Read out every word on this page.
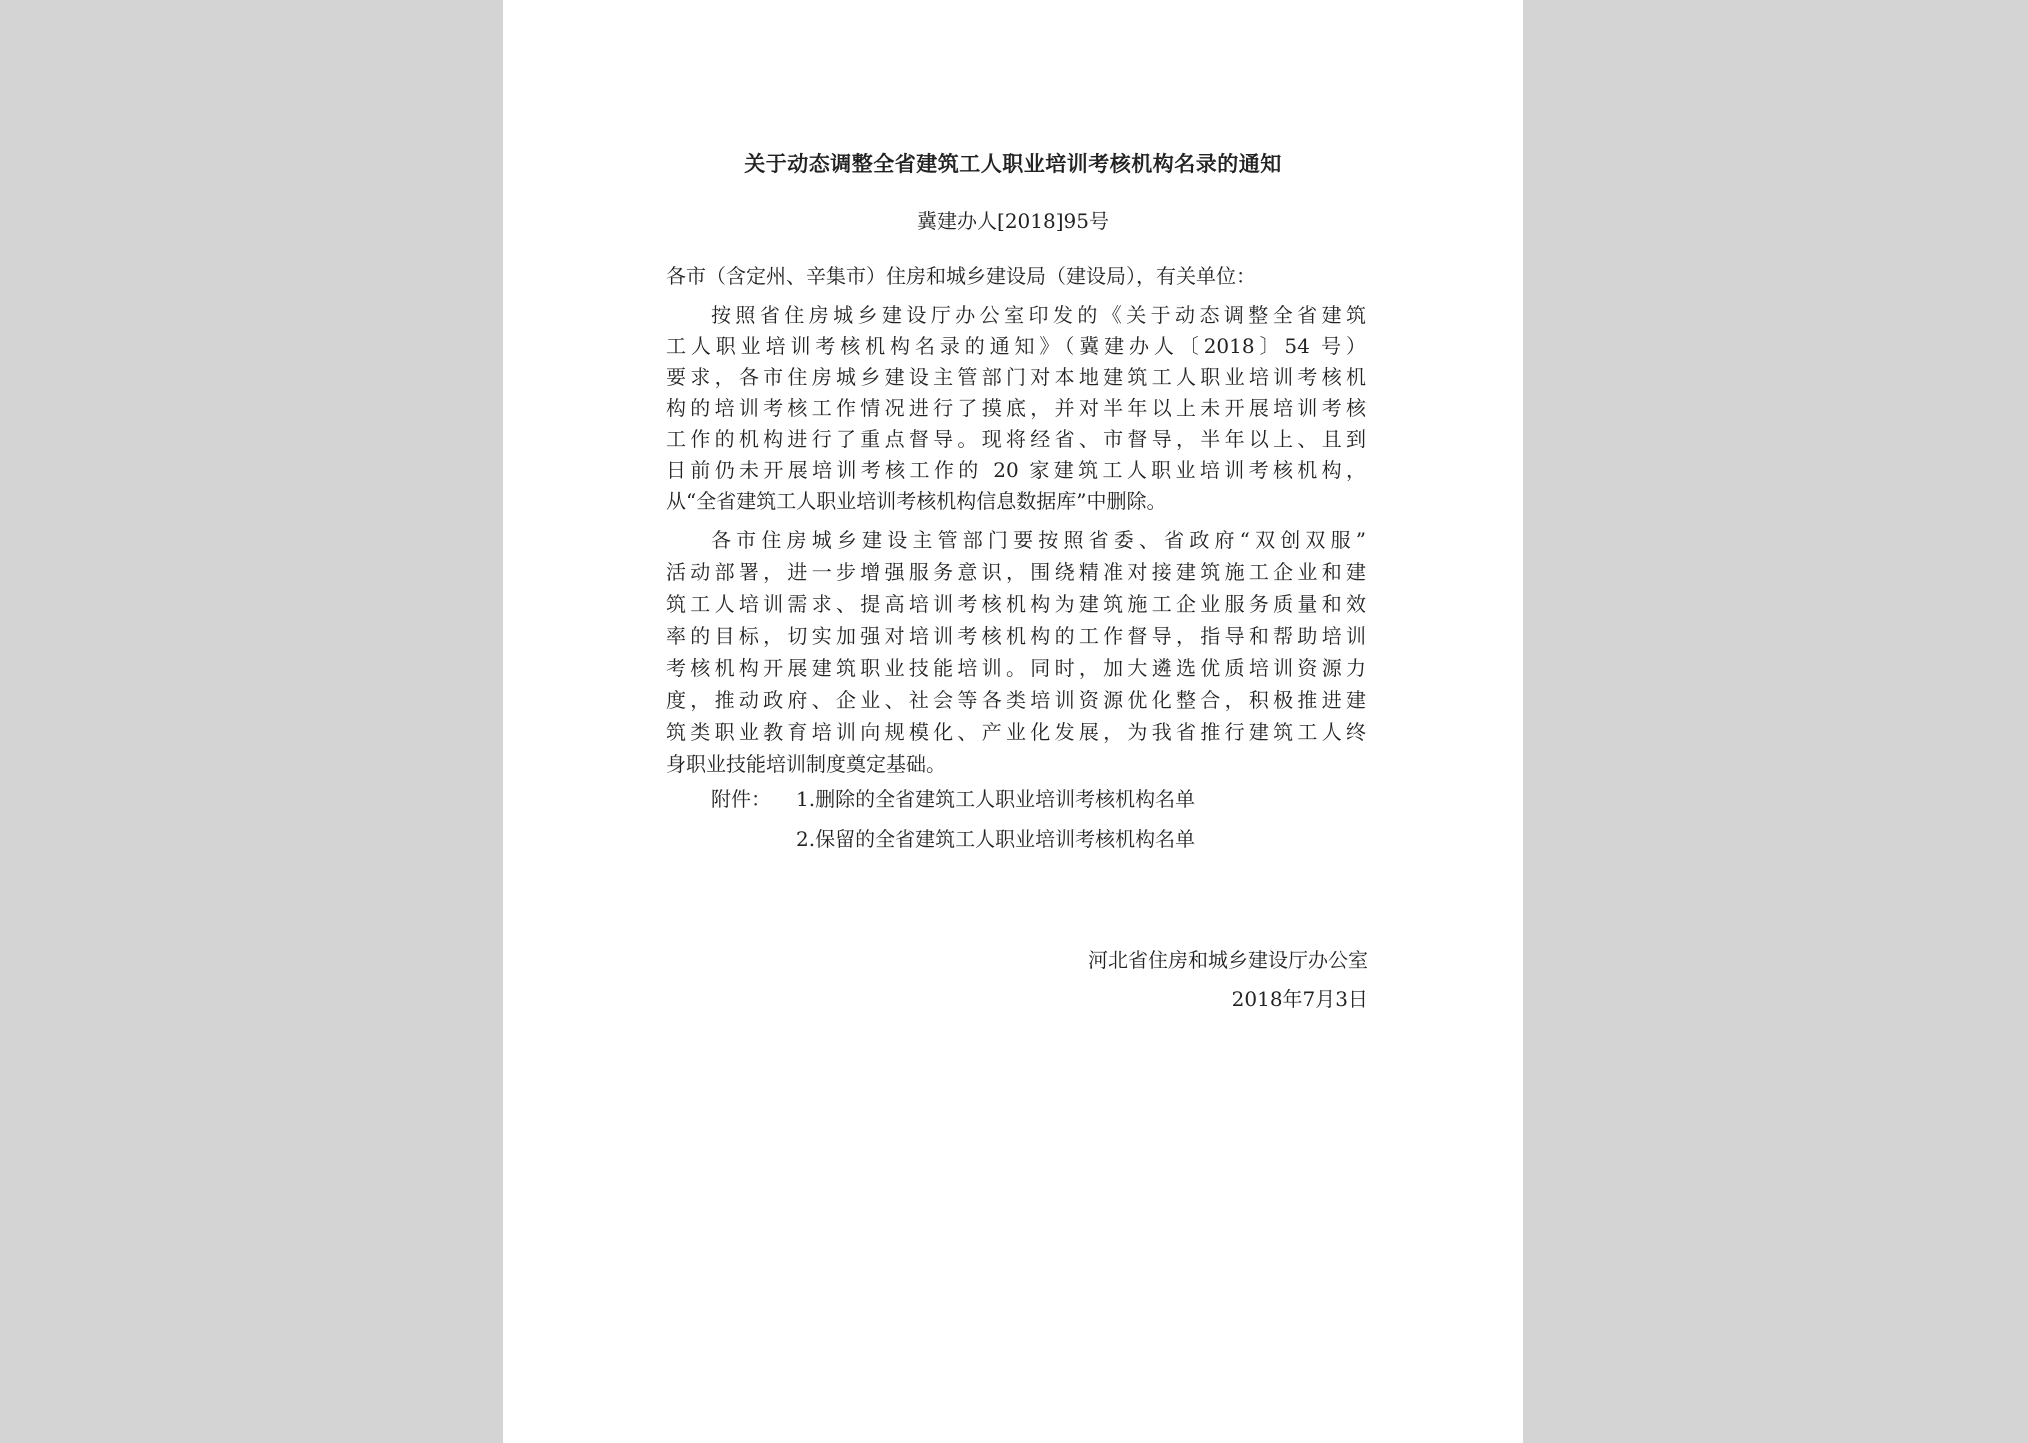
关于动态调整全省建筑工人职业培训考核机构名录的通知
冀建办人[2018]95号
各市（含定州、辛集市）住房和城乡建设局（建设局），有关单位：
按照省住房城乡建设厅办公室印发的《关于动态调整全省建筑
工人职业培训考核机构名录的通知》（冀建办人〔2018〕54 号）
要求，各市住房城乡建设主管部门对本地建筑工人职业培训考核机
构的培训考核工作情况进行了摸底，并对半年以上未开展培训考核
工作的机构进行了重点督导。现将经省、市督导，半年以上、且到
日前仍未开展培训考核工作的 20 家建筑工人职业培训考核机构，
从“全省建筑工人职业培训考核机构信息数据库”中删除。
各市住房城乡建设主管部门要按照省委、省政府“双创双服”
活动部署，进一步增强服务意识，围绕精准对接建筑施工企业和建
筑工人培训需求、提高培训考核机构为建筑施工企业服务质量和效
率的目标，切实加强对培训考核机构的工作督导，指导和帮助培训
考核机构开展建筑职业技能培训。同时，加大遴选优质培训资源力
度，推动政府、企业、社会等各类培训资源优化整合，积极推进建
筑类职业教育培训向规模化、产业化发展，为我省推行建筑工人终
身职业技能培训制度奠定基础。
附件： 1.删除的全省建筑工人职业培训考核机构名单
2.保留的全省建筑工人职业培训考核机构名单
河北省住房和城乡建设厅办公室
2018年7月3日
